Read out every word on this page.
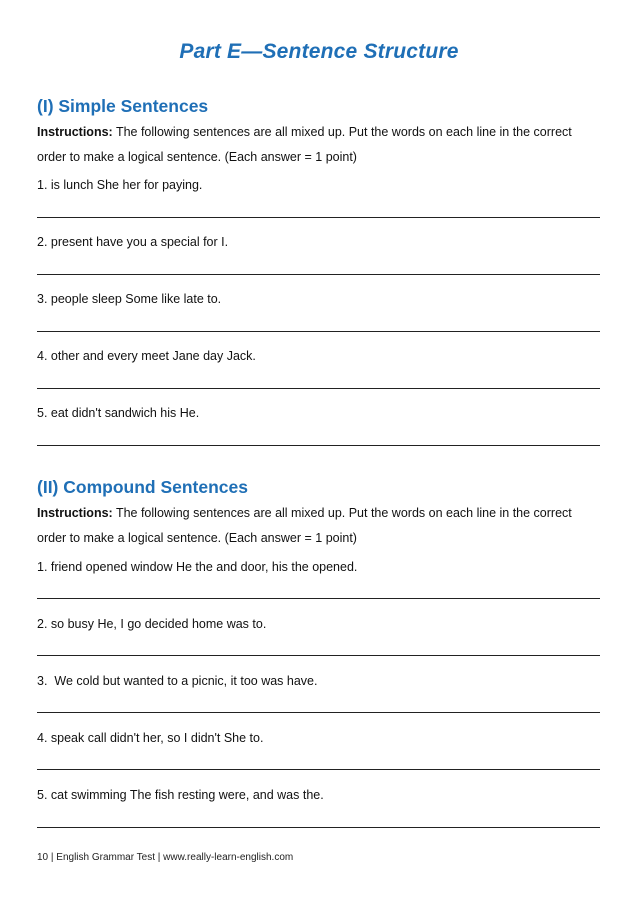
Part E—Sentence Structure
(I) Simple Sentences
Instructions: The following sentences are all mixed up. Put the words on each line in the correct order to make a logical sentence. (Each answer = 1 point)
1. is lunch She her for paying.
2. present have you a special for I.
3. people sleep Some like late to.
4. other and every meet Jane day Jack.
5. eat didn't sandwich his He.
(II) Compound Sentences
Instructions: The following sentences are all mixed up. Put the words on each line in the correct order to make a logical sentence. (Each answer = 1 point)
1. friend opened window He the and door, his the opened.
2. so busy He, I go decided home was to.
3.  We cold but wanted to a picnic, it too was have.
4. speak call didn't her, so I didn't She to.
5. cat swimming The fish resting were, and was the.
10 | English Grammar Test | www.really-learn-english.com
